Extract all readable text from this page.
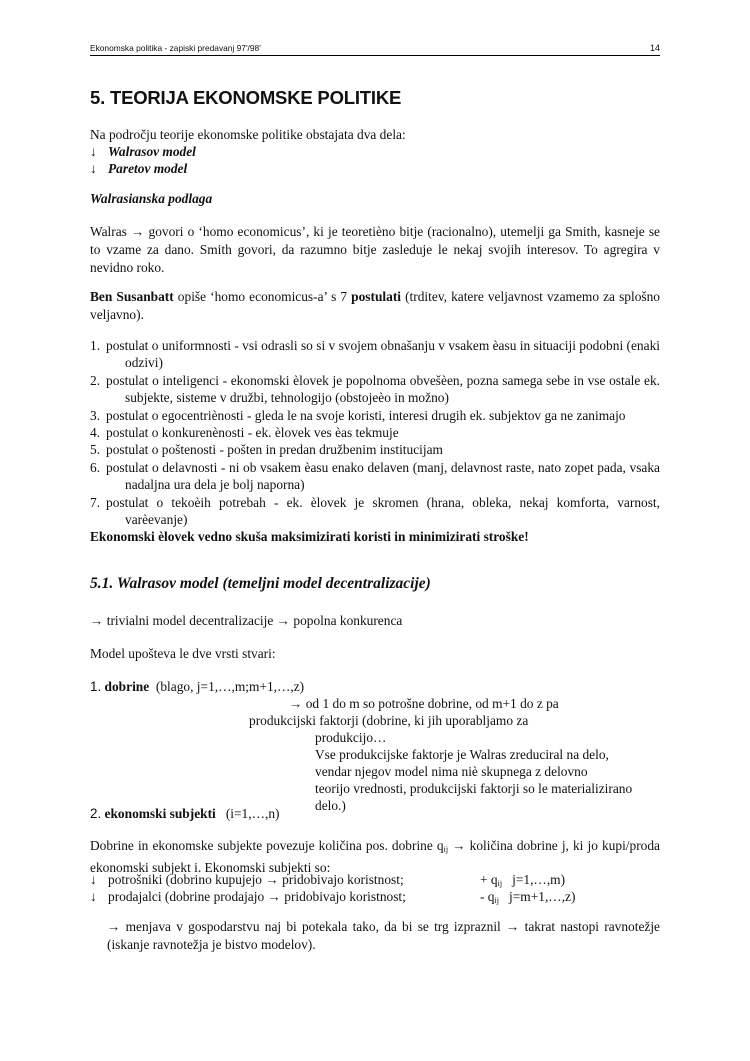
Ekonomska politika - zapiski predavanj 97'/98'	14
5. TEORIJA EKONOMSKE POLITIKE
Na področju teorije ekonomske politike obstajata dva dela:
↓ Walrasov model
↓ Paretov model
Walrasianska podlaga
Walras → govori o ‘homo economicus’, ki je teoretièno bitje (racionalno), utemelji ga Smith, kasneje se to vzame za dano. Smith govori, da razumno bitje zasleduje le nekaj svojih interesov. To agregira v nevidno roko.
Ben Susanbatt opiše ‘homo economicus-a’ s 7 postulati (trditev, katere veljavnost vzamemo za splošno veljavno).
1. postulat o uniformnosti - vsi odrasli so si v svojem obnašanju v vsakem èasu in situaciji podobni (enaki odzivi)
2. postulat o inteligenci - ekonomski èlovek je popolnoma obvešèen, pozna samega sebe in vse ostale ek. subjekte, sisteme v družbi, tehnologijo (obstojeèo in možno)
3. postulat o egocentriènosti - gleda le na svoje koristi, interesi drugih ek. subjektov ga ne zanimajo
4. postulat o konkurenènosti - ek. èlovek ves èas tekmuje
5. postulat o poštenosti - pošten in predan družbenim institucijam
6. postulat o delavnosti - ni ob vsakem èasu enako delaven (manj, delavnost raste, nato zopet pada, vsaka nadaljna ura dela je bolj naporna)
7. postulat o tekoèih potrebah - ek. èlovek je skromen (hrana, obleka, nekaj komforta, varnost, varèevanje)
Ekonomski èlovek vedno skuša maksimizirati koristi in minimizirati stroške!
5.1. Walrasov model (temeljni model decentralizacije)
→ trivialni model decentralizacije → popolna konkurenca
Model upošteva le dve vrsti stvari:
1. dobrine (blago, j=1,…,m;m+1,…,z)
→ od 1 do m so potrošne dobrine, od m+1 do z pa
produkcijski faktorji (dobrine, ki jih uporabljamo za
produkcijo…
Vse produkcijske faktorje je Walras zreduciral na delo,
vendar njegov model nima niè skupnega z delovno
teorijo vrednosti, produkcijski faktorji so le materializirano
delo.)
2. ekonomski subjekti (i=1,…,n)
Dobrine in ekonomske subjekte povezuje količina pos. dobrine $q_{ij}$ → količina dobrine j, ki jo kupi/proda ekonomski subjekt i. Ekonomski subjekti so:
↓ potrošniki (dobrino kupujejo → pridobivajo koristnost;	+ $q_{ij}$ j=1,…,m)
↓ prodajalci (dobrine prodajajo → pridobivajo koristnost;	- $q_{ij}$ j=m+1,…,z)
→ menjava v gospodarstvu naj bi potekala tako, da bi se trg izpraznil → takrat nastopi ravnotežje (iskanje ravnotežja je bistvo modelov).
